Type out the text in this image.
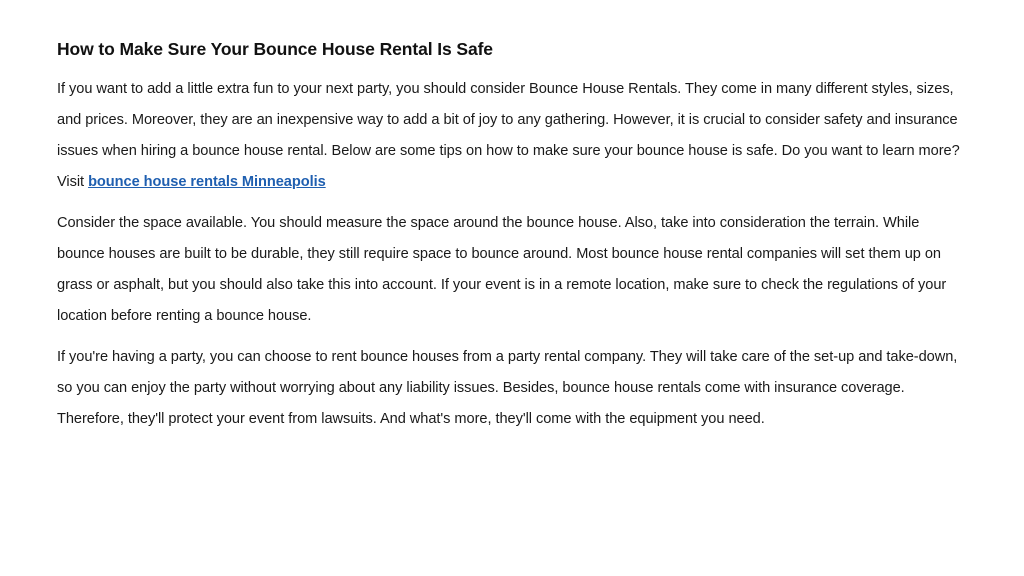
How to Make Sure Your Bounce House Rental Is Safe

If you want to add a little extra fun to your next party, you should consider Bounce House Rentals. They come in many different styles, sizes, and prices. Moreover, they are an inexpensive way to add a bit of joy to any gathering. However, it is crucial to consider safety and insurance issues when hiring a bounce house rental. Below are some tips on how to make sure your bounce house is safe. Do you want to learn more? Visit bounce house rentals Minneapolis

Consider the space available. You should measure the space around the bounce house. Also, take into consideration the terrain. While bounce houses are built to be durable, they still require space to bounce around. Most bounce house rental companies will set them up on grass or asphalt, but you should also take this into account. If your event is in a remote location, make sure to check the regulations of your location before renting a bounce house.

If you're having a party, you can choose to rent bounce houses from a party rental company. They will take care of the set-up and take-down, so you can enjoy the party without worrying about any liability issues. Besides, bounce house rentals come with insurance coverage. Therefore, they'll protect your event from lawsuits. And what's more, they'll come with the equipment you need.
